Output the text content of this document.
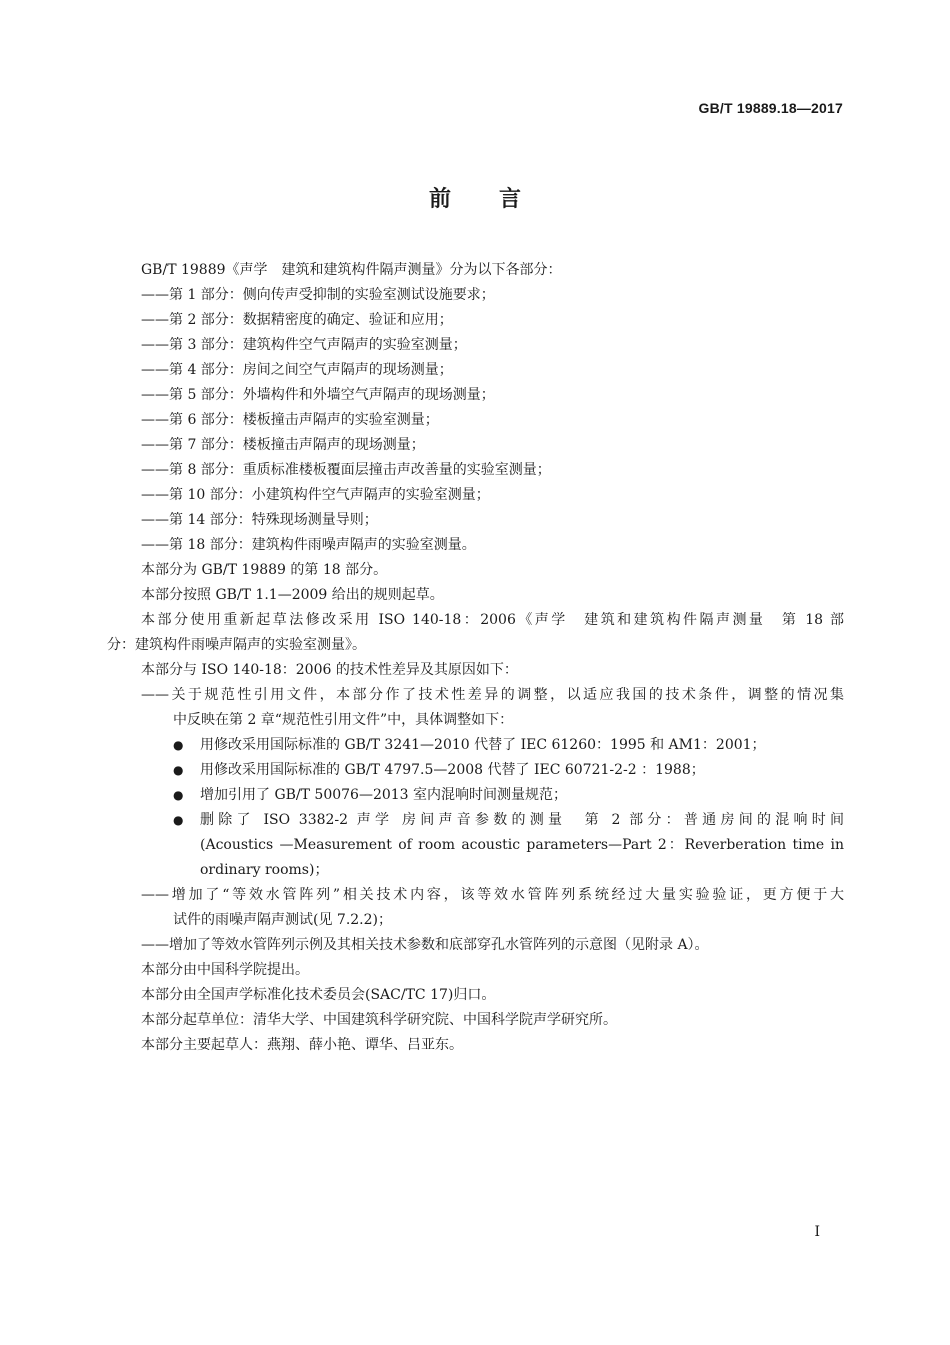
GB/T 19889.18—2017
前 言
GB/T 19889《声学　建筑和建筑构件隔声测量》分为以下各部分：
——第 1 部分：侧向传声受抑制的实验室测试设施要求；
——第 2 部分：数据精密度的确定、验证和应用；
——第 3 部分：建筑构件空气声隔声的实验室测量；
——第 4 部分：房间之间空气声隔声的现场测量；
——第 5 部分：外墙构件和外墙空气声隔声的现场测量；
——第 6 部分：楼板撞击声隔声的实验室测量；
——第 7 部分：楼板撞击声隔声的现场测量；
——第 8 部分：重质标准楼板覆面层撞击声改善量的实验室测量；
——第 10 部分：小建筑构件空气声隔声的实验室测量；
——第 14 部分：特殊现场测量导则；
——第 18 部分：建筑构件雨噪声隔声的实验室测量。
本部分为 GB/T 19889 的第 18 部分。
本部分按照 GB/T 1.1—2009 给出的规则起草。
本部分使用重新起草法修改采用 ISO 140-18：2006《声学　建筑和建筑构件隔声测量　第 18 部
分：建筑构件雨噪声隔声的实验室测量》。
本部分与 ISO 140-18：2006 的技术性差异及其原因如下：
——关于规范性引用文件，本部分作了技术性差异的调整，以适应我国的技术条件，调整的情况集
中反映在第 2 章“规范性引用文件”中，具体调整如下：
● 用修改采用国际标准的 GB/T 3241—2010 代替了 IEC 61260：1995 和 AM1：2001；
● 用修改采用国际标准的 GB/T 4797.5—2008 代替了 IEC 60721-2-2 ：1988；
● 增加引用了 GB/T 50076—2013 室内混响时间测量规范；
● 删除了 ISO 3382-2 声学 房间声音参数的测量　第 2 部分：普通房间的混响时间
(Acoustics —Measurement of room acoustic parameters—Part 2：Reverberation time in
ordinary rooms)；
——增加了“等效水管阵列”相关技术内容，该等效水管阵列系统经过大量实验验证，更方便于大
试件的雨噪声隔声测试(见 7.2.2)；
——增加了等效水管阵列示例及其相关技术参数和底部穿孔水管阵列的示意图（见附录 A）。
本部分由中国科学院提出。
本部分由全国声学标准化技术委员会(SAC/TC 17)归口。
本部分起草单位：清华大学、中国建筑科学研究院、中国科学院声学研究所。
本部分主要起草人：燕翔、薛小艳、谭华、吕亚东。
I
